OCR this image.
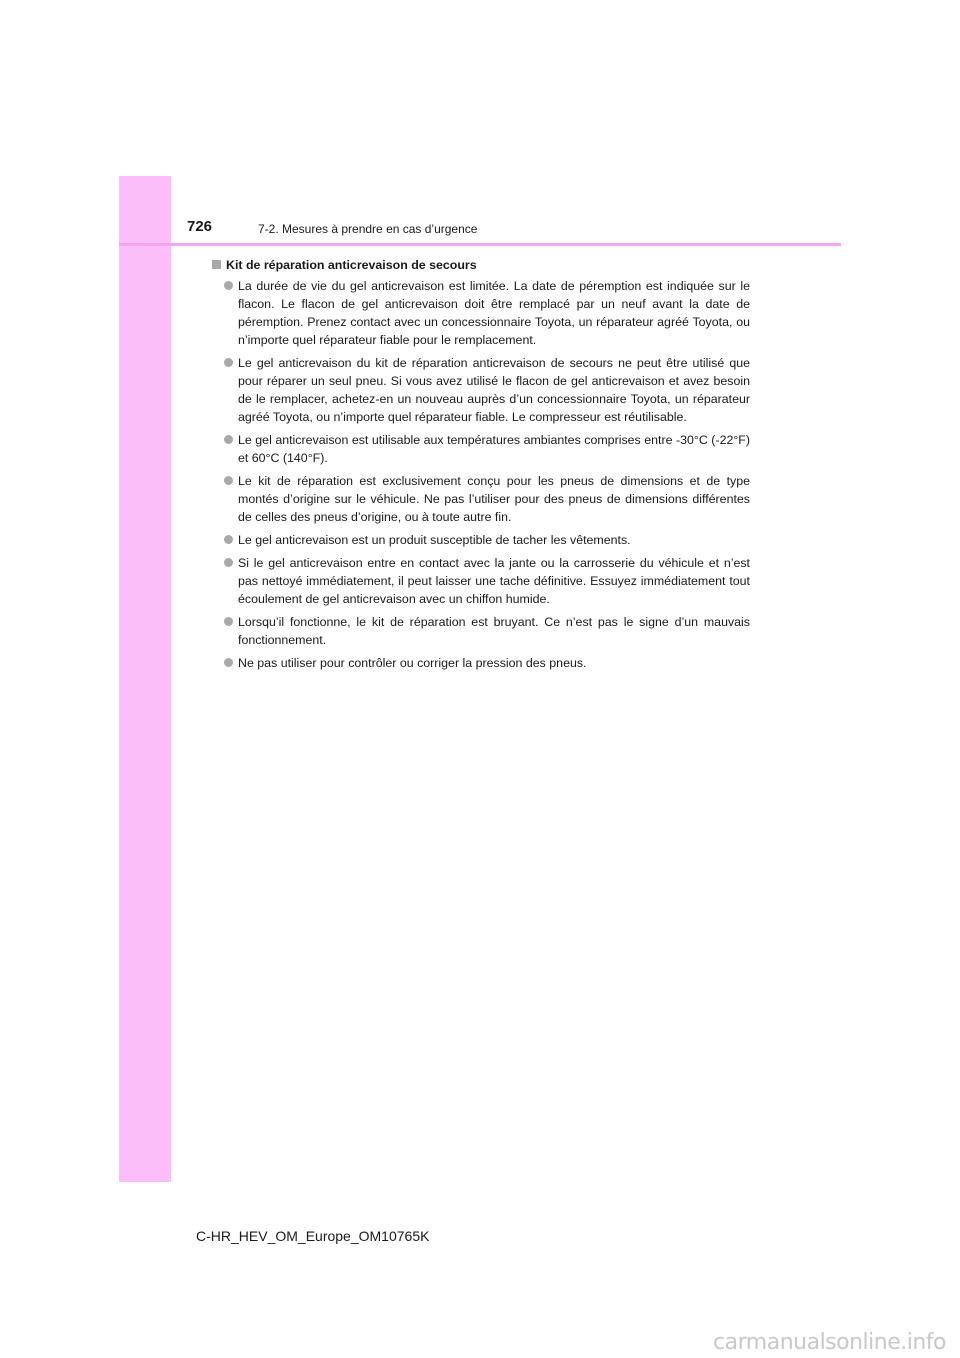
726	7-2. Mesures à prendre en cas d’urgence
Kit de réparation anticrevaison de secours
La durée de vie du gel anticrevaison est limitée. La date de péremption est indiquée sur le flacon. Le flacon de gel anticrevaison doit être remplacé par un neuf avant la date de péremption. Prenez contact avec un concessionnaire Toyota, un réparateur agréé Toyota, ou n’importe quel réparateur fiable pour le remplacement.
Le gel anticrevaison du kit de réparation anticrevaison de secours ne peut être utilisé que pour réparer un seul pneu. Si vous avez utilisé le flacon de gel anticrevaison et avez besoin de le remplacer, achetez-en un nouveau auprès d’un concessionnaire Toyota, un réparateur agréé Toyota, ou n’importe quel réparateur fiable. Le compresseur est réutilisable.
Le gel anticrevaison est utilisable aux températures ambiantes comprises entre -30°C (-22°F) et 60°C (140°F).
Le kit de réparation est exclusivement conçu pour les pneus de dimensions et de type montés d’origine sur le véhicule. Ne pas l’utiliser pour des pneus de dimensions différentes de celles des pneus d’origine, ou à toute autre fin.
Le gel anticrevaison est un produit susceptible de tacher les vêtements.
Si le gel anticrevaison entre en contact avec la jante ou la carrosserie du véhicule et n’est pas nettoyé immédiatement, il peut laisser une tache définitive. Essuyez immédiatement tout écoulement de gel anticrevaison avec un chiffon humide.
Lorsqu’il fonctionne, le kit de réparation est bruyant. Ce n’est pas le signe d’un mauvais fonctionnement.
Ne pas utiliser pour contrôler ou corriger la pression des pneus.
C-HR_HEV_OM_Europe_OM10765K
carmanualsonline.info
